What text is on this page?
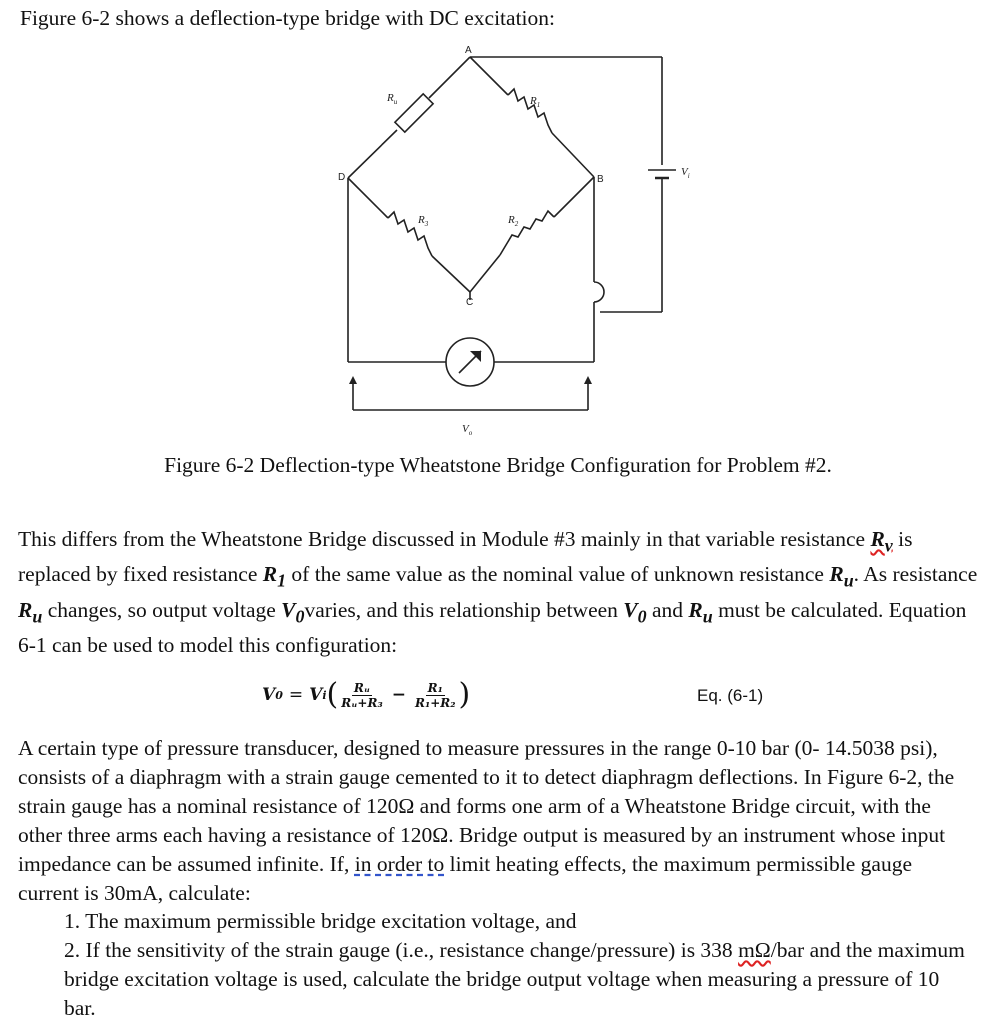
Figure 6-2 shows a deflection-type bridge with DC excitation:
A
B
C
D
$R_u$	$R_1$
$R_2$
$R_3$
$V_i$
$V_o$
Figure 6-2 Deflection-type Wheatstone Bridge Configuration for Problem #2.
This differs from the Wheatstone Bridge discussed in Module #3 mainly in that variable resistance $R_v$ is replaced by fixed resistance $R_1$ of the same value as the nominal value of unknown resistance $R_u$. As resistance $R_u$ changes, so output voltage $V_0varies$, and this relationship between $V_0$ and $R_u$ must be calculated. Equation 6-1 can be used to model this configuration:
V 0 = V i ( $\frac{\text{Rᵤ}}{\text{Rᵤ+R₃}} - \frac{\text{R₁}}{\text{R₁+R₂}}$ )	Eq. (6-1)
A certain type of pressure transducer, designed to measure pressures in the range 0-10 bar (0- 14.5038 psi), consists of a diaphragm with a strain gauge cemented to it to detect diaphragm deflections. In Figure 6-2, the strain gauge has a nominal resistance of 120Ω and forms one arm of a Wheatstone Bridge circuit, with the other three arms each having a resistance of 120Ω. Bridge output is measured by an instrument whose input impedance can be assumed infinite. If, in order to limit heating effects, the maximum permissible gauge current is 30mA, calculate:
1. The maximum permissible bridge excitation voltage, and
2. If the sensitivity of the strain gauge (i.e., resistance change/pressure) is 338 mΩ/bar and the maximum bridge excitation voltage is used, calculate the bridge output voltage when measuring a pressure of 10 bar.
